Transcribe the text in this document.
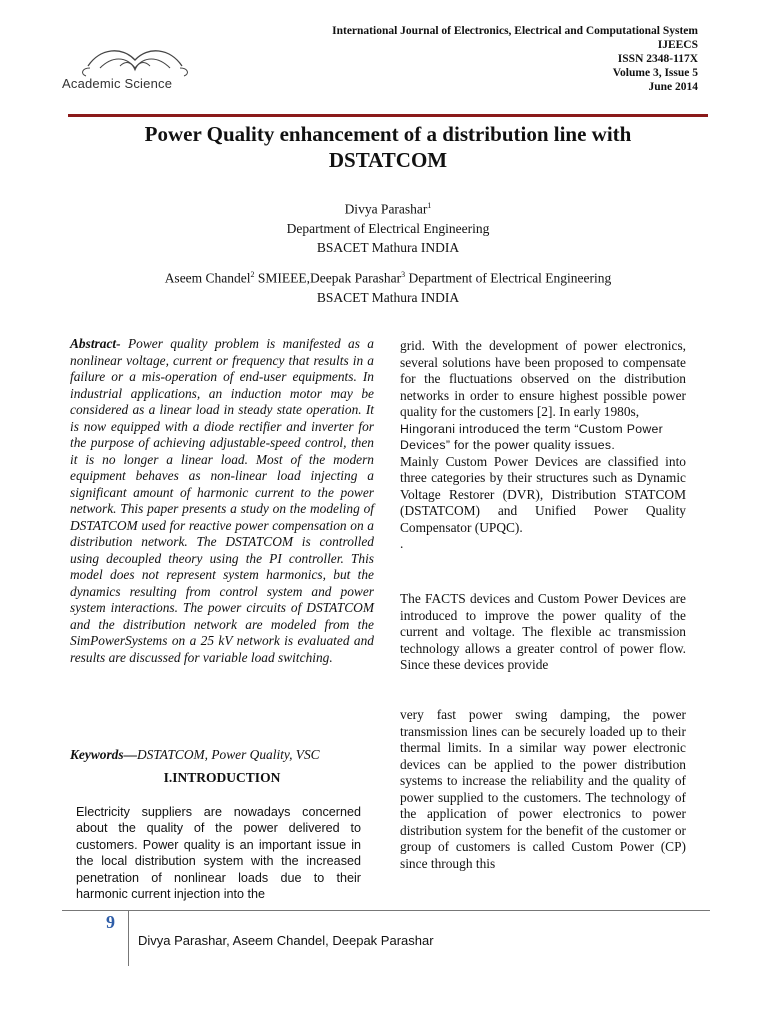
Academic Science
International Journal of Electronics, Electrical and Computational System
IJEECS
ISSN 2348-117X
Volume 3, Issue 5
June 2014
Power Quality enhancement of a distribution line with
DSTATCOM
Divya Parashar$^1$
Department of Electrical Engineering
BSACET Mathura INDIA
Aseem Chandel$^2$ SMIEEE,Deepak Parashar$^3$ Department of Electrical Engineering
BSACET Mathura INDIA
Abstract- Power quality problem is manifested as a nonlinear voltage, current or frequency that results in a failure or a mis-operation of end-user equipments. In industrial applications, an induction motor may be considered as a linear load in steady state operation. It is now equipped with a diode rectifier and inverter for the purpose of achieving adjustable-speed control, then it is no longer a linear load. Most of the modern equipment behaves as non-linear load injecting a significant amount of harmonic current to the power network. This paper presents a study on the modeling of DSTATCOM used for reactive power compensation on a distribution network. The DSTATCOM is controlled using decoupled theory using the PI controller. This model does not represent system harmonics, but the dynamics resulting from control system and power system interactions. The power circuits of DSTATCOM and the distribution network are modeled from the SimPowerSystems on a 25 kV network is evaluated and results are discussed for variable load switching.
Keywords—DSTATCOM, Power Quality, VSC
I.INTRODUCTION
Electricity suppliers are nowadays concerned about the quality of the power delivered to customers. Power quality is an important issue in the local distribution system with the increased penetration of nonlinear loads due to their harmonic current injection into the
grid. With the development of power electronics, several solutions have been proposed to compensate for the fluctuations observed on the distribution networks in order to ensure highest possible power quality for the customers [2]. In early 1980s,
Hingorani introduced the term “Custom Power Devices” for the power quality issues.
Mainly Custom Power Devices are classified into three categories by their structures such as Dynamic Voltage Restorer (DVR), Distribution STATCOM (DSTATCOM) and Unified Power Quality Compensator (UPQC).
.
The FACTS devices and Custom Power Devices are introduced to improve the power quality of the current and voltage. The flexible ac transmission technology allows a greater control of power flow. Since these devices provide
very fast power swing damping, the power transmission lines can be securely loaded up to their thermal limits. In a similar way power electronic devices can be applied to the power distribution systems to increase the reliability and the quality of power supplied to the customers. The technology of the application of power electronics to power distribution system for the benefit of the customer or group of customers is called Custom Power (CP) since through this
9
Divya Parashar, Aseem Chandel, Deepak Parashar
